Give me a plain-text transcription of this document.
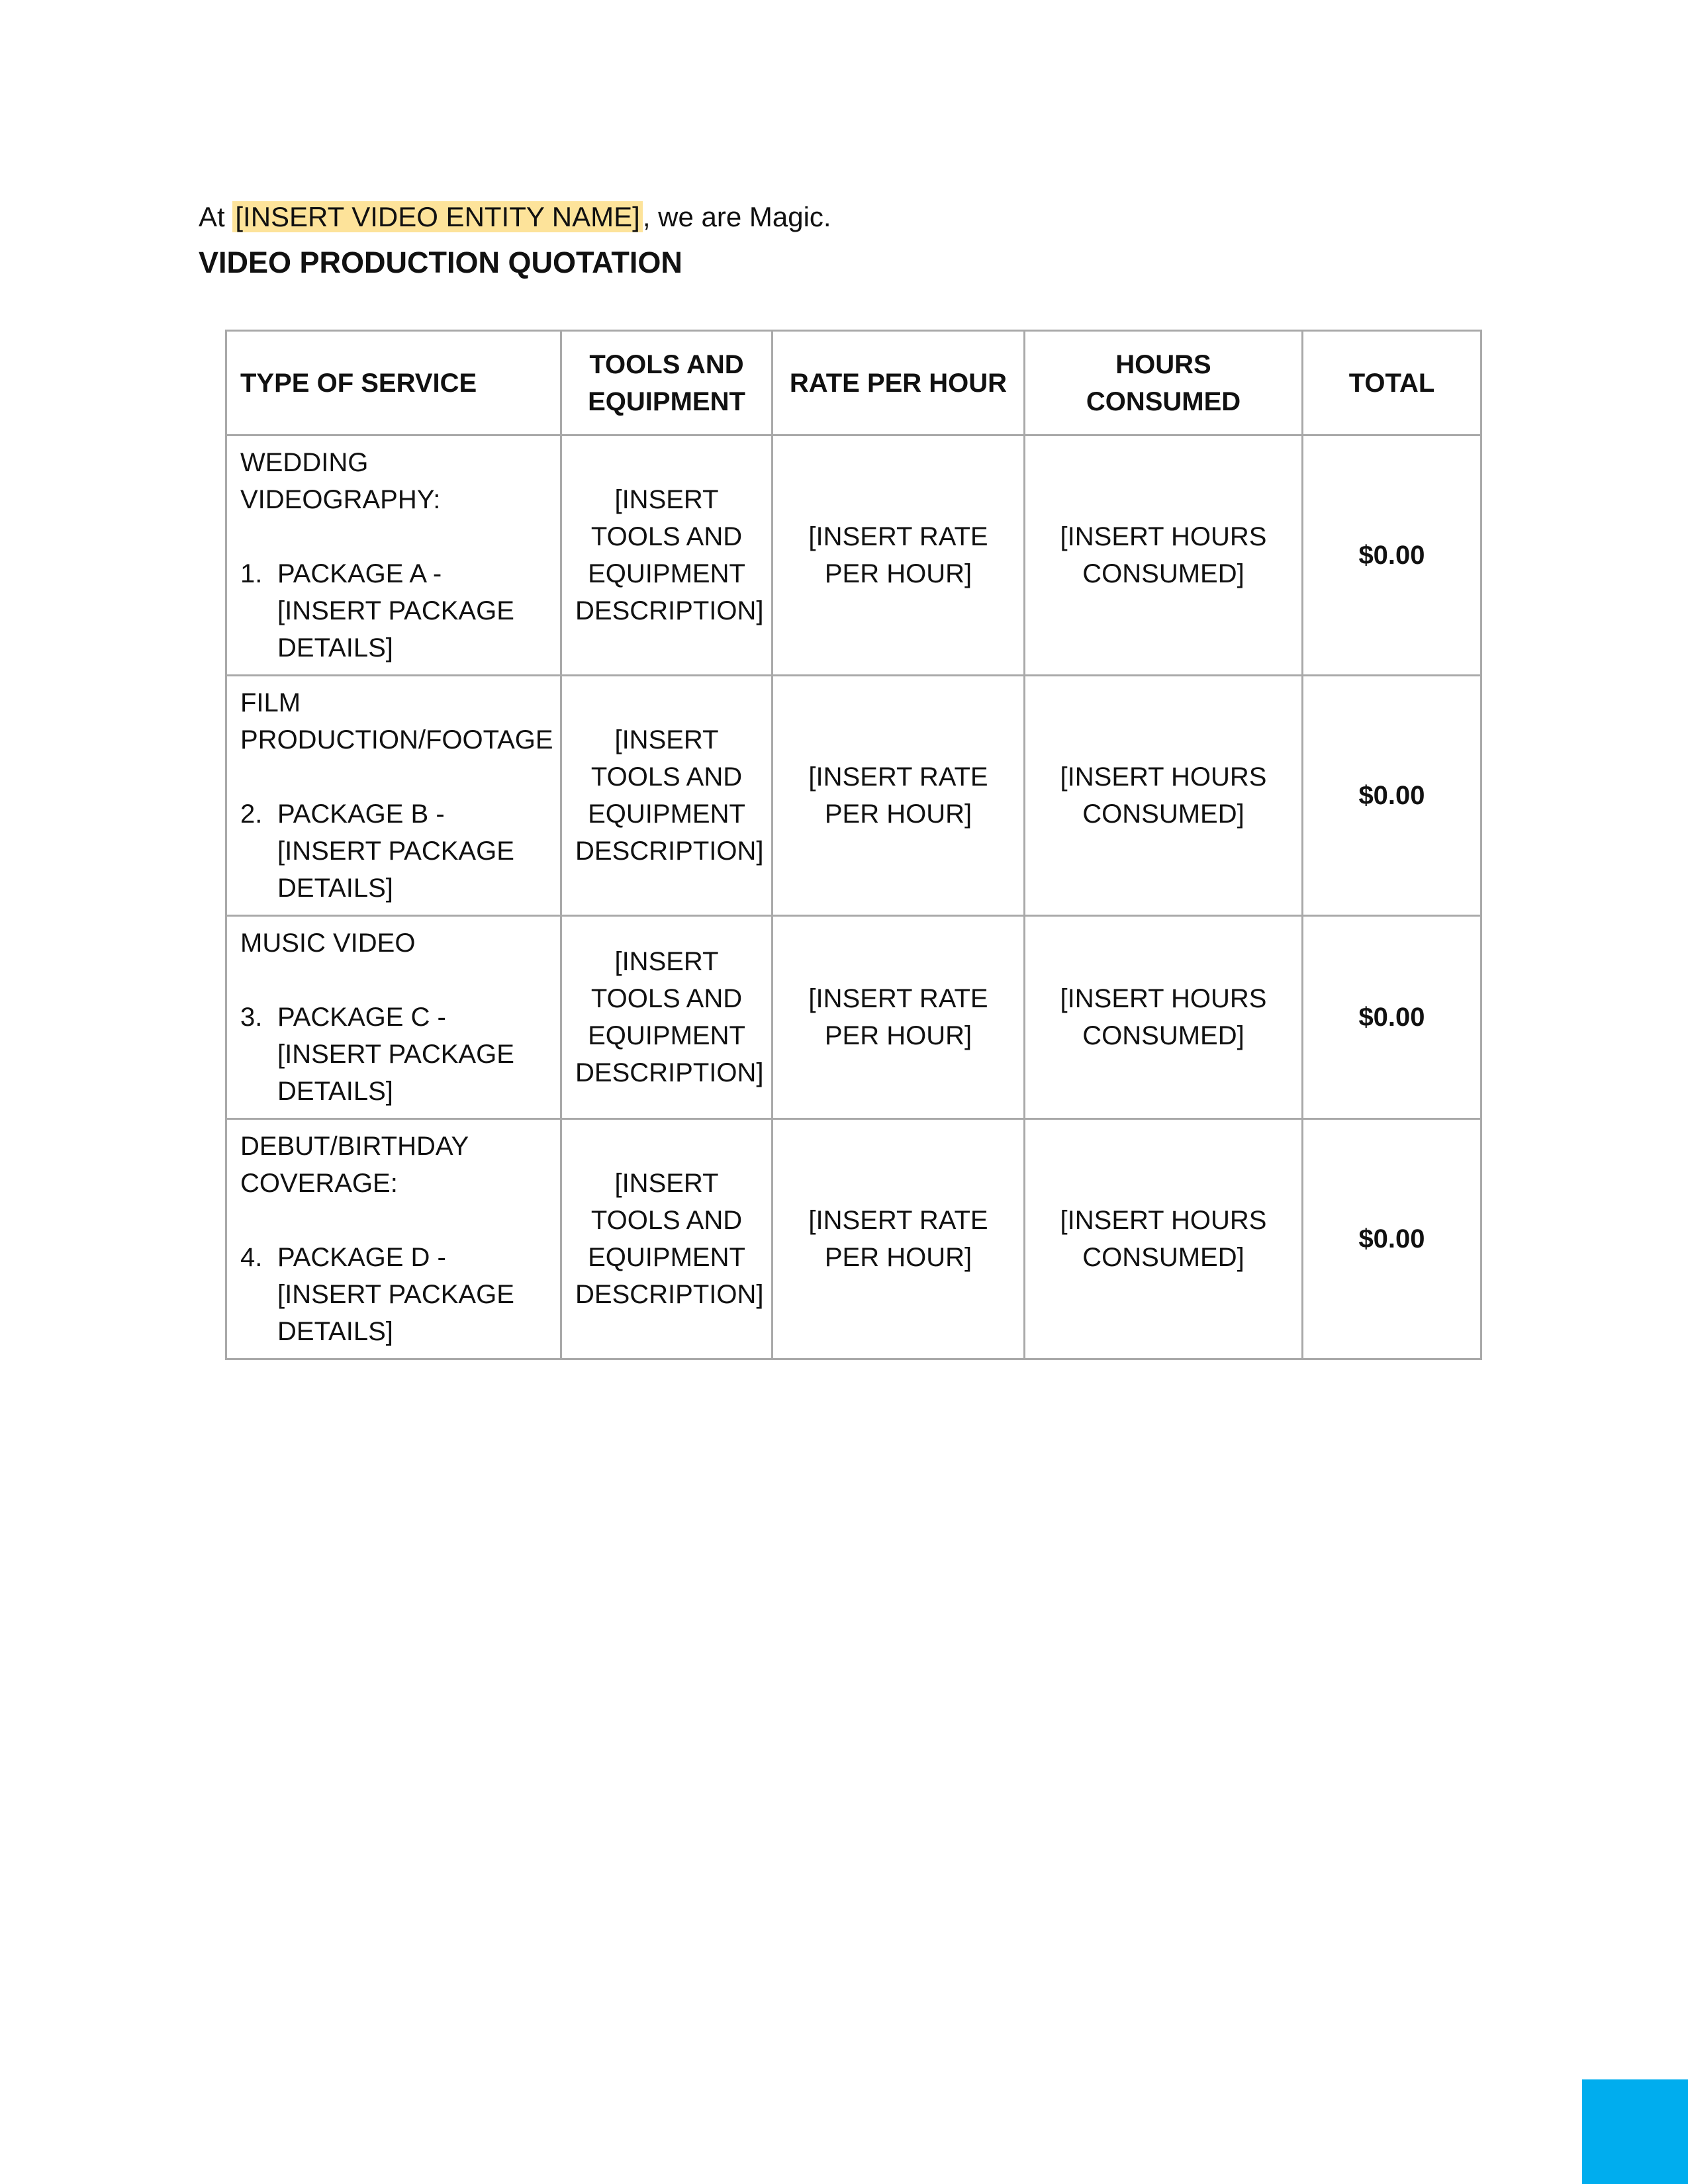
At [INSERT VIDEO ENTITY NAME], we are Magic.
VIDEO PRODUCTION QUOTATION
TYPE OF SERVICE	TOOLS AND EQUIPMENT	RATE PER HOUR	HOURS CONSUMED	TOTAL

WEDDING VIDEOGRAPHY:
1. PACKAGE A - [INSERT PACKAGE DETAILS]	[INSERT TOOLS AND EQUIPMENT DESCRIPTION]	[INSERT RATE PER HOUR]	[INSERT HOURS CONSUMED]	$0.00

FILM PRODUCTION/FOOTAGE
2. PACKAGE B - [INSERT PACKAGE DETAILS]	[INSERT TOOLS AND EQUIPMENT DESCRIPTION]	[INSERT RATE PER HOUR]	[INSERT HOURS CONSUMED]	$0.00

MUSIC VIDEO
3. PACKAGE C - [INSERT PACKAGE DETAILS]	[INSERT TOOLS AND EQUIPMENT DESCRIPTION]	[INSERT RATE PER HOUR]	[INSERT HOURS CONSUMED]	$0.00

DEBUT/BIRTHDAY COVERAGE:
4. PACKAGE D - [INSERT PACKAGE DETAILS]	[INSERT TOOLS AND EQUIPMENT DESCRIPTION]	[INSERT RATE PER HOUR]	[INSERT HOURS CONSUMED]	$0.00
